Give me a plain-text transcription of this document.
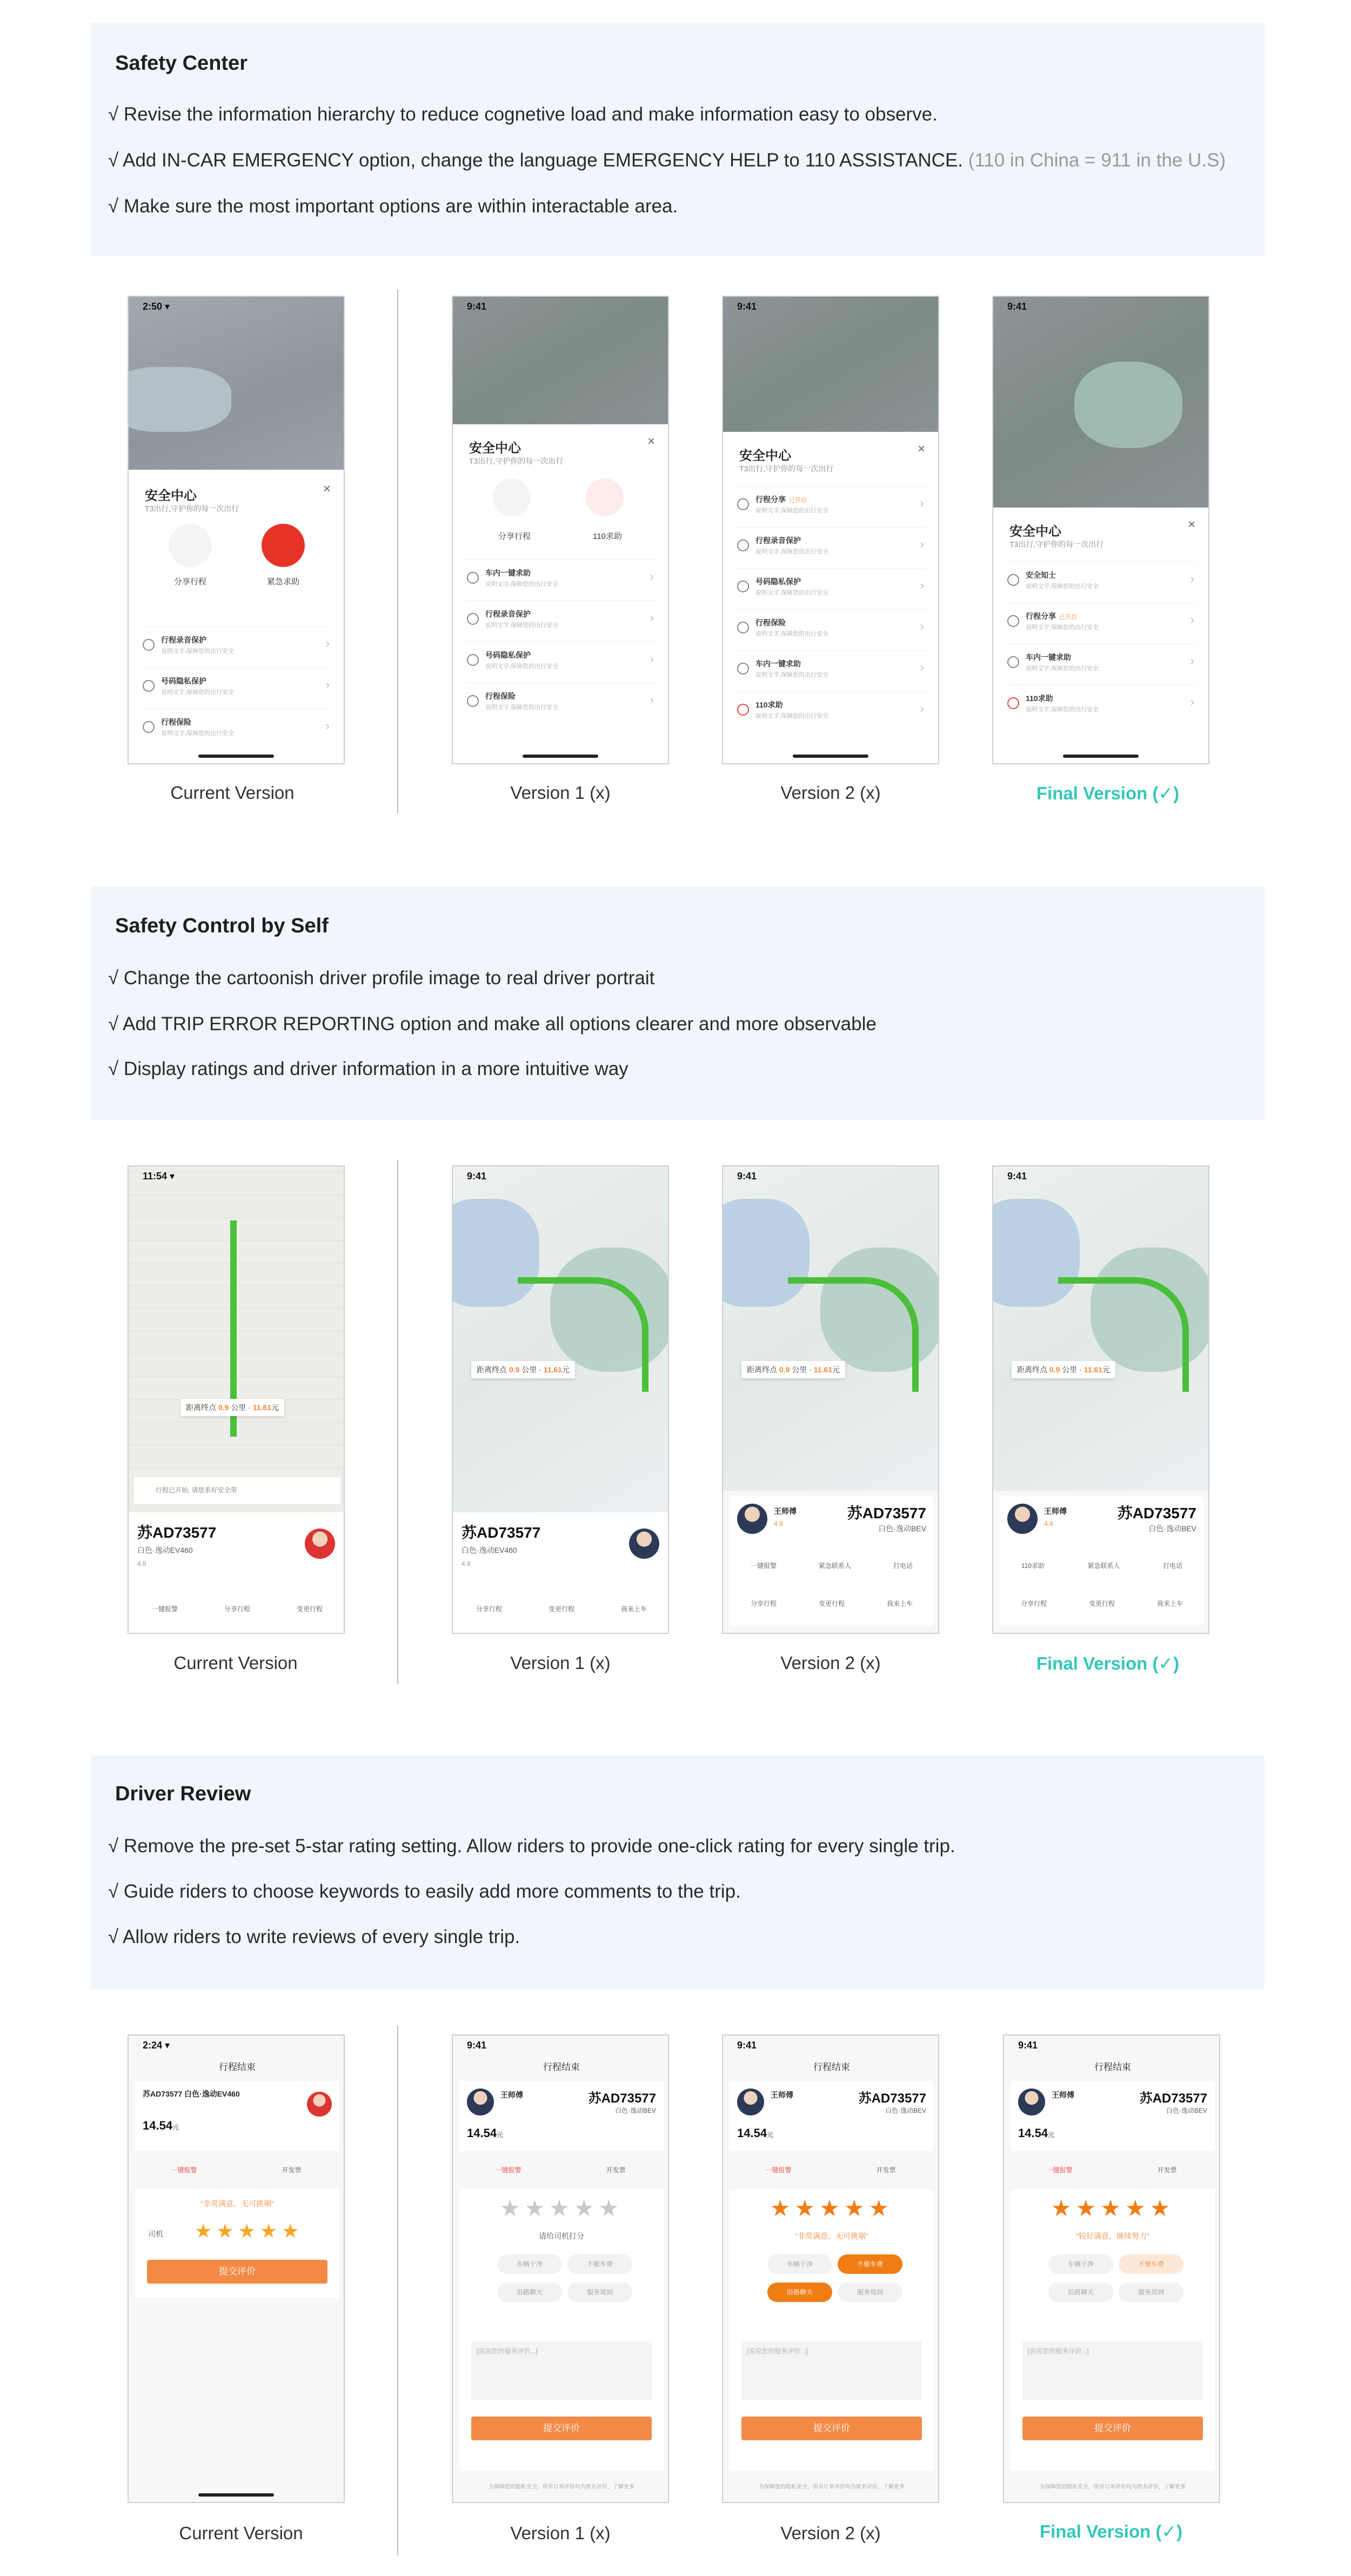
Safety Center
√ Revise the information hierarchy to reduce cognetive load and make information easy to observe.
√ Add IN-CAR EMERGENCY option, change the language EMERGENCY HELP to 110 ASSISTANCE. (110 in China = 911 in the U.S)
√ Make sure the most important options are within interactable area.
2:50 ▾
安全中心
T3出行,守护你的每一次出行
×
分享行程	紧急求助
行程录音保护
说明文字,保障您的出行安全
›
号码隐私保护
说明文字,保障您的出行安全
›
行程保险
说明文字,保障您的出行安全
›
Current Version
9:41
安全中心
T3出行,守护你的每一次出行
×
分享行程	110求助
车内一键求助
说明文字,保障您的出行安全
›
行程录音保护
说明文字,保障您的出行安全
›
号码隐私保护
说明文字,保障您的出行安全
›
行程保险
说明文字,保障您的出行安全
›
Version 1 (x)
9:41
安全中心
T3出行,守护你的每一次出行
×
行程分享 已开启
说明文字,保障您的出行安全
›
行程录音保护
说明文字,保障您的出行安全
›
号码隐私保护
说明文字,保障您的出行安全
›
行程保险
说明文字,保障您的出行安全
›
车内一键求助
说明文字,保障您的出行安全
›
110求助
说明文字,保障您的出行安全
›
Version 2 (x)
9:41
安全中心
T3出行,守护你的每一次出行
×
安全知士
说明文字,保障您的出行安全
›
行程分享 已开启
说明文字,保障您的出行安全
›
车内一键求助
说明文字,保障您的出行安全
›
110求助
说明文字,保障您的出行安全
›
Final Version (✓)
Safety Control by Self
√ Change the cartoonish driver profile image to real driver portrait
√ Add TRIP ERROR REPORTING option and make all options clearer and more observable
√ Display ratings and driver information in a more intuitive way
11:54 ▾
距离终点 0.9 公里 · 11.61元
行程已开始, 请您系好安全带
苏AD73577
白色·逸动EV460
4.8
一键报警	分享行程	变更行程
Current Version
9:41
距离终点 0.9 公里 · 11.61元
苏AD73577
白色·逸动EV460
4.8
分享行程	变更行程	我来上车
Version 1 (x)
9:41
距离终点 0.9 公里 · 11.61元
王师傅
4.8
苏AD73577
白色·逸动BEV
一键报警	紧急联系人	打电话
分享行程	变更行程	我来上车
Version 2 (x)
9:41
距离终点 0.9 公里 · 11.61元
王师傅
4.8
苏AD73577
白色·逸动BEV
110求助	紧急联系人	打电话
分享行程	变更行程	我来上车
Final Version (✓)
Driver Review
√ Remove the pre-set 5-star rating setting. Allow riders to provide one-click rating for every single trip.
√ Guide riders to choose keywords to easily add more comments to the trip.
√ Allow riders to write reviews of every single trip.
2:24 ▾
行程结束
苏AD73577 白色·逸动EV460
14.54元
一键报警	开发票
“非常满意，无可挑剔”
司机 ★★★★★
提交评价
Current Version
9:41
行程结束
王师傅	苏AD73577
白色·逸动BEV
14.54元
一键报警	开发票
★★★★★
请给司机打分
车辆干净	不催车费
沿路聊天	服务周到
[说说您的服务评价...]
提交评价
为保障您的隐私安全，所有订单评价均为匿名评价，了解更多
Version 1 (x)
9:41
行程结束
王师傅	苏AD73577
白色·逸动BEV
14.54元
一键报警	开发票
★★★★★
“非常满意，无可挑剔”
车辆干净	不催车费
沿路聊天	服务周到
[说说您的服务评价...]
提交评价
为保障您的隐私安全，所有订单评价均为匿名评价，了解更多
Version 2 (x)
9:41
行程结束
王师傅	苏AD73577
白色·逸动BEV
14.54元
一键报警	开发票
★★★★★
“较好满意，继续努力”
车辆干净	不催车费
沿路聊天	服务周到
[说说您的服务评价...]
提交评价
为保障您的隐私安全，所有订单评价均为匿名评价，了解更多
Final Version (✓)
